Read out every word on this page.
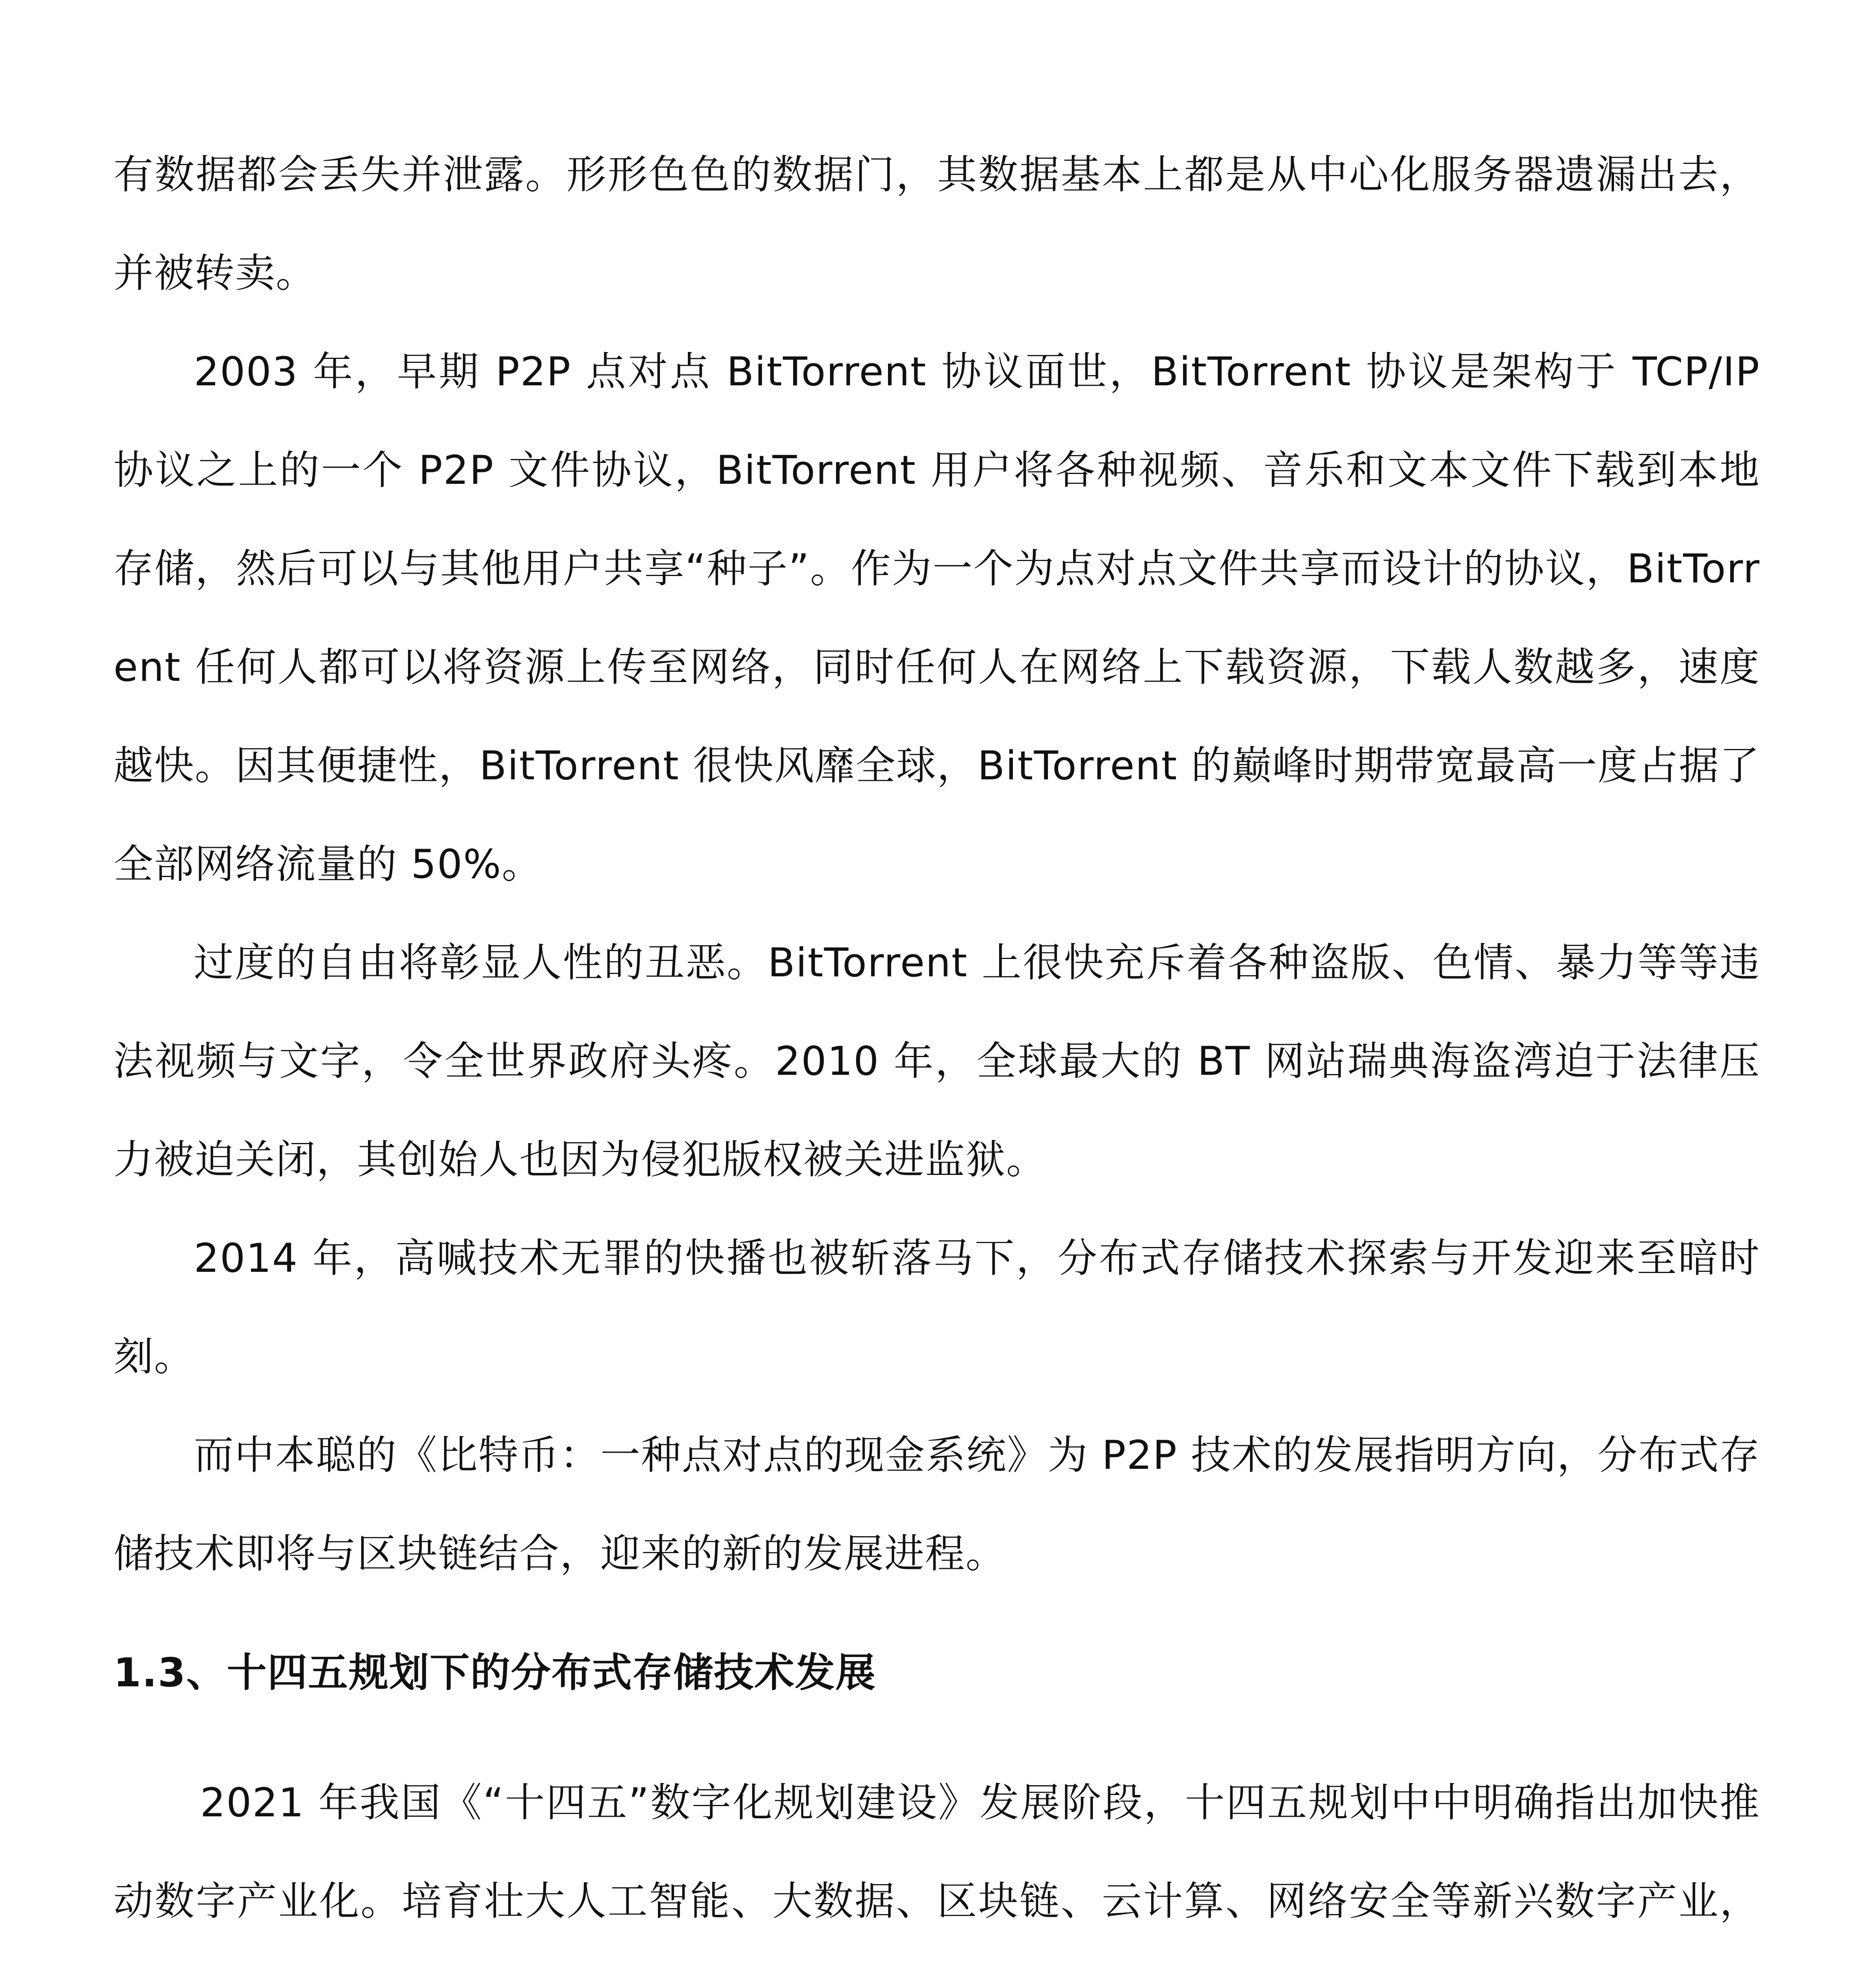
有数据都会丢失并泄露。形形色色的数据门，其数据基本上都是从中心化服务器遗漏出去，并被转卖。

2003 年，早期 P2P 点对点 BitTorrent 协议面世，BitTorrent 协议是架构于 TCP/IP 协议之上的一个 P2P 文件协议，BitTorrent 用户将各种视频、音乐和文本文件下载到本地存储，然后可以与其他用户共享“种子”。作为一个为点对点文件共享而设计的协议，BitTorrent 任何人都可以将资源上传至网络，同时任何人在网络上下载资源，下载人数越多，速度越快。因其便捷性，BitTorrent 很快风靡全球，BitTorrent 的巅峰时期带宽最高一度占据了全部网络流量的 50%。

过度的自由将彰显人性的丑恶。BitTorrent 上很快充斥着各种盗版、色情、暴力等等违法视频与文字，令全世界政府头疼。2010 年，全球最大的 BT 网站瑞典海盗湾迫于法律压力被迫关闭，其创始人也因为侵犯版权被关进监狱。

2014 年，高喊技术无罪的快播也被斩落马下，分布式存储技术探索与开发迎来至暗时刻。

而中本聪的《比特币：一种点对点的现金系统》为 P2P 技术的发展指明方向，分布式存储技术即将与区块链结合，迎来的新的发展进程。

1.3、十四五规划下的分布式存储技术发展

2021 年我国《“十四五”数字化规划建设》发展阶段，十四五规划中中明确指出加快推动数字产业化。培育壮大人工智能、大数据、区块链、云计算、网络安全等新兴数字产业，
